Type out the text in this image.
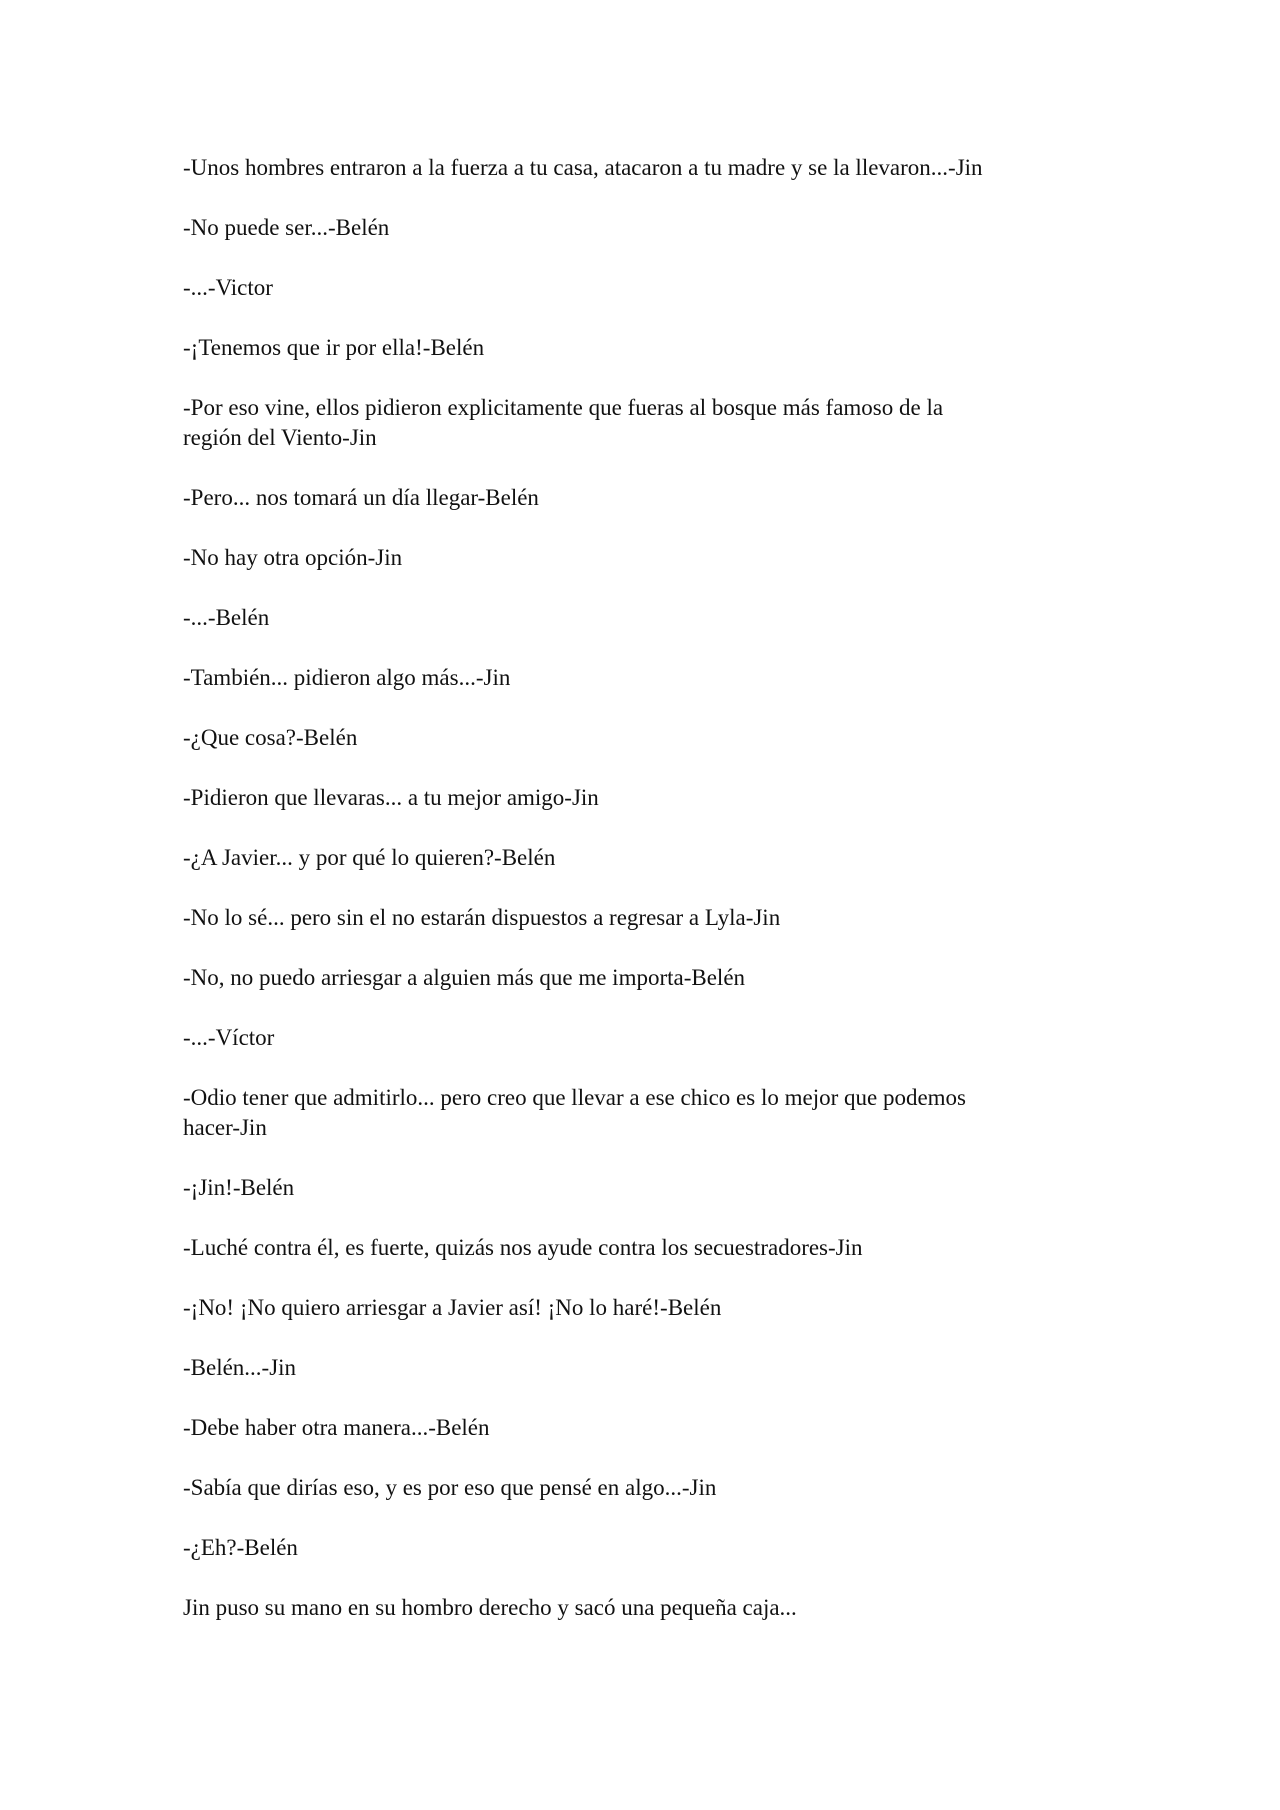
-Unos hombres entraron a la fuerza a tu casa, atacaron a tu madre y se la llevaron...-Jin

-No puede ser...-Belén

-...-Victor

-¡Tenemos que ir por ella!-Belén

-Por eso vine, ellos pidieron explicitamente que fueras al bosque más famoso de la
región del Viento-Jin

-Pero... nos tomará un día llegar-Belén

-No hay otra opción-Jin

-...-Belén

-También... pidieron algo más...-Jin

-¿Que cosa?-Belén

-Pidieron que llevaras... a tu mejor amigo-Jin

-¿A Javier... y por qué lo quieren?-Belén

-No lo sé... pero sin el no estarán dispuestos a regresar a Lyla-Jin

-No, no puedo arriesgar a alguien más que me importa-Belén

-...-Víctor

-Odio tener que admitirlo... pero creo que llevar a ese chico es lo mejor que podemos
hacer-Jin

-¡Jin!-Belén

-Luché contra él, es fuerte, quizás nos ayude contra los secuestradores-Jin

-¡No! ¡No quiero arriesgar a Javier así! ¡No lo haré!-Belén

-Belén...-Jin

-Debe haber otra manera...-Belén

-Sabía que dirías eso, y es por eso que pensé en algo...-Jin

-¿Eh?-Belén

Jin puso su mano en su hombro derecho y sacó una pequeña caja...
